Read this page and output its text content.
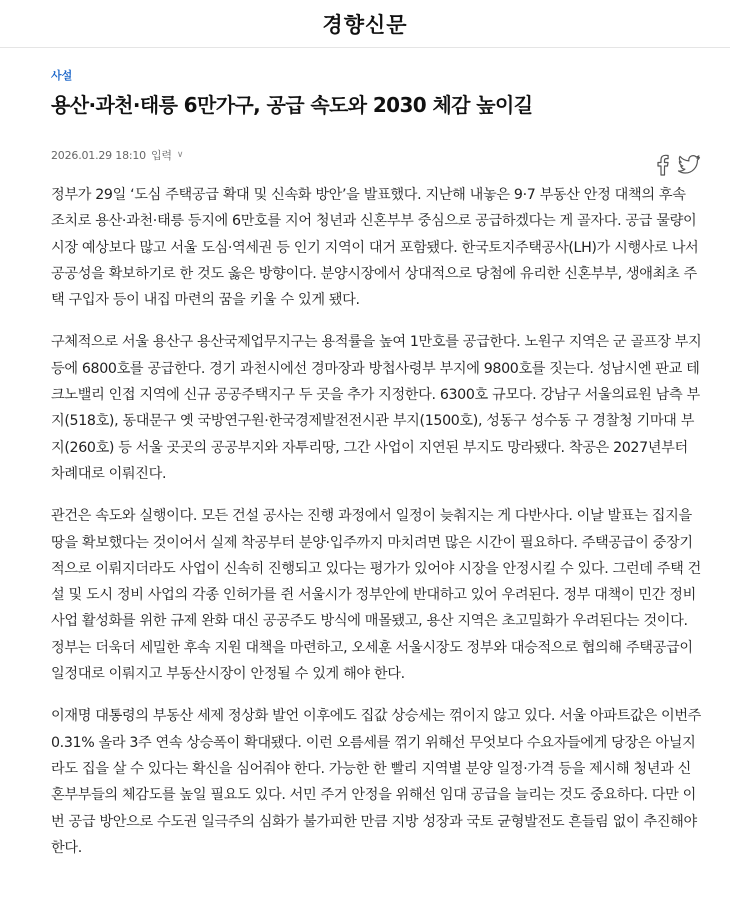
경향신문
사설
용산·과천·태릉 6만가구, 공급 속도와 2030 체감 높이길
2026.01.29 18:10 입력 ∨

정부가 29일 ‘도심 주택공급 확대 및 신속화 방안’을 발표했다. 지난해 내놓은 9·7 부동산 안정 대책의 후속 조치로 용산·과천·태릉 등지에 6만호를 지어 청년과 신혼부부 중심으로 공급하겠다는 게 골자다. 공급 물량이 시장 예상보다 많고 서울 도심·역세권 등 인기 지역이 대거 포함됐다. 한국토지주택공사(LH)가 시행사로 나서 공공성을 확보하기로 한 것도 옳은 방향이다. 분양시장에서 상대적으로 당첨에 유리한 신혼부부, 생애최초 주택 구입자 등이 내집 마련의 꿈을 키울 수 있게 됐다.

구체적으로 서울 용산구 용산국제업무지구는 용적률을 높여 1만호를 공급한다. 노원구 지역은 군 골프장 부지 등에 6800호를 공급한다. 경기 과천시에선 경마장과 방첩사령부 부지에 9800호를 짓는다. 성남시엔 판교 테크노밸리 인접 지역에 신규 공공주택지구 두 곳을 추가 지정한다. 6300호 규모다. 강남구 서울의료원 남측 부지(518호), 동대문구 옛 국방연구원·한국경제발전전시관 부지(1500호), 성동구 성수동 구 경찰청 기마대 부지(260호) 등 서울 곳곳의 공공부지와 자투리땅, 그간 사업이 지연된 부지도 망라됐다. 착공은 2027년부터 차례대로 이뤄진다.

관건은 속도와 실행이다. 모든 건설 공사는 진행 과정에서 일정이 늦춰지는 게 다반사다. 이날 발표는 집지을 땅을 확보했다는 것이어서 실제 착공부터 분양·입주까지 마치려면 많은 시간이 필요하다. 주택공급이 중장기적으로 이뤄지더라도 사업이 신속히 진행되고 있다는 평가가 있어야 시장을 안정시킬 수 있다. 그런데 주택 건설 및 도시 정비 사업의 각종 인허가를 쥔 서울시가 정부안에 반대하고 있어 우려된다. 정부 대책이 민간 정비 사업 활성화를 위한 규제 완화 대신 공공주도 방식에 매몰됐고, 용산 지역은 초고밀화가 우려된다는 것이다. 정부는 더욱더 세밀한 후속 지원 대책을 마련하고, 오세훈 서울시장도 정부와 대승적으로 협의해 주택공급이 일정대로 이뤄지고 부동산시장이 안정될 수 있게 해야 한다.

이재명 대통령의 부동산 세제 정상화 발언 이후에도 집값 상승세는 꺾이지 않고 있다. 서울 아파트값은 이번주 0.31% 올라 3주 연속 상승폭이 확대됐다. 이런 오름세를 꺾기 위해선 무엇보다 수요자들에게 당장은 아닐지라도 집을 살 수 있다는 확신을 심어줘야 한다. 가능한 한 빨리 지역별 분양 일정·가격 등을 제시해 청년과 신혼부부들의 체감도를 높일 필요도 있다. 서민 주거 안정을 위해선 임대 공급을 늘리는 것도 중요하다. 다만 이번 공급 방안으로 수도권 일극주의 심화가 불가피한 만큼 지방 성장과 국토 균형발전도 흔들림 없이 추진해야 한다.
